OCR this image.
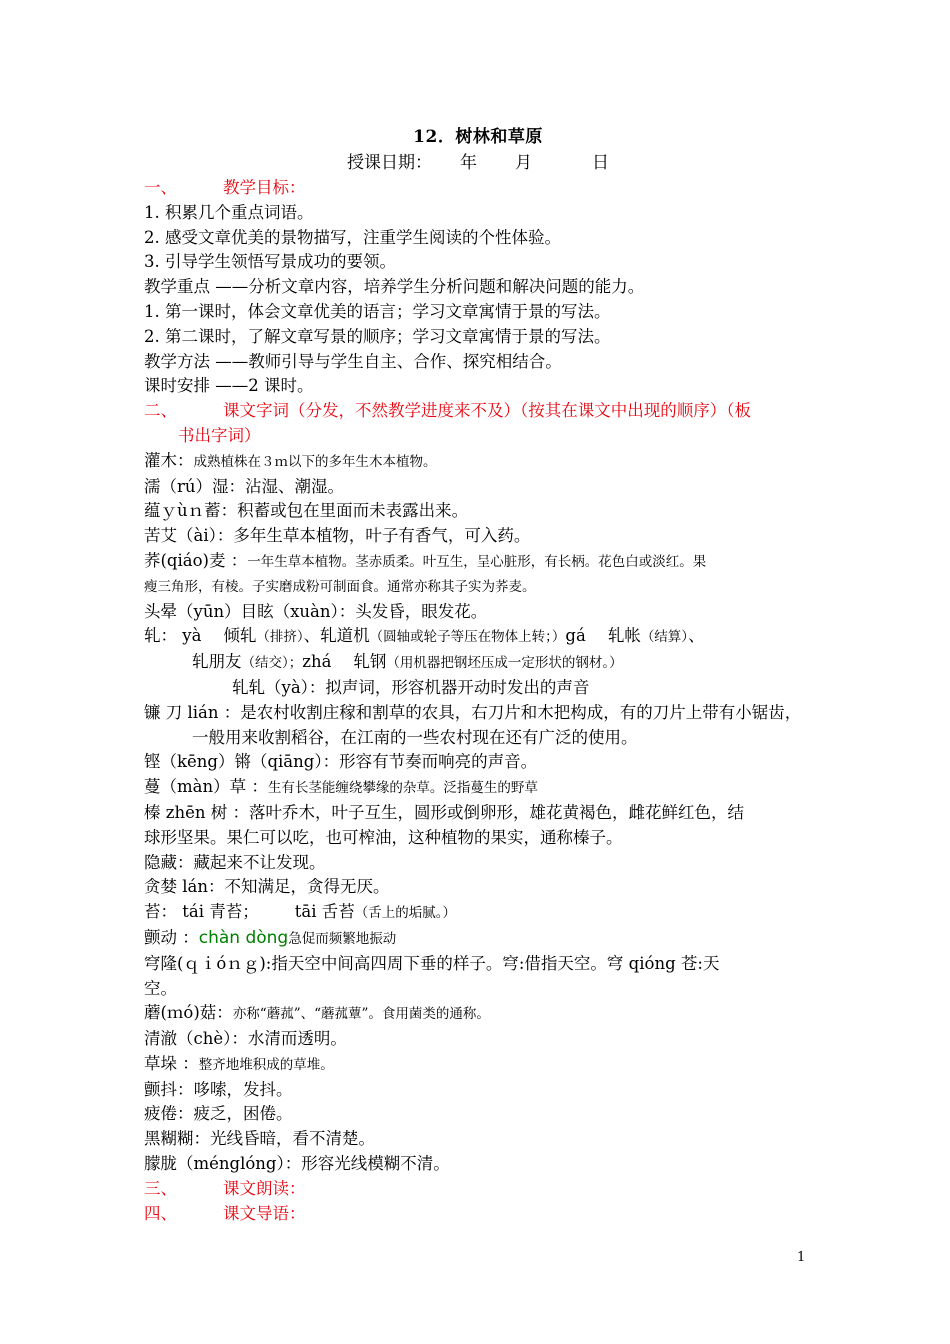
12．树林和草原
授课日期： 年 月	日
一、	教学目标：
1. 积累几个重点词语。
2. 感受文章优美的景物描写，注重学生阅读的个性体验。
3. 引导学生领悟写景成功的要领。
教学重点 ——分析文章内容，培养学生分析问题和解决问题的能力。
1. 第一课时，体会文章优美的语言；学习文章寓情于景的写法。
2. 第二课时，了解文章写景的顺序；学习文章寓情于景的写法。
教学方法 ——教师引导与学生自主、合作、探究相结合。
课时安排 ——2 课时。
二、	课文字词（分发，不然教学进度来不及）（按其在课文中出现的顺序）（板
书出字词）
灌木：成熟植株在３ｍ以下的多年生木本植物。
濡（rú）湿：沾湿、潮湿。
蕴ｙùｎ蓄：积蓄或包在里面而未表露出来。
苦艾（ài）：多年生草本植物，叶子有香气，可入药。
荞(qiáo)麦 ：一年生草本植物。茎赤质柔。叶互生，呈心脏形，有长柄。花色白或淡红。果
瘦三角形，有棱。子实磨成粉可制面食。通常亦称其子实为荞麦。
头晕（yūn）目眩（xuàn）：头发昏，眼发花。
轧： yà 倾轧（排挤）、轧道机（圆轴或轮子等压在物体上转；）gá 轧帐（结算）、
轧朋友（结交）；zhá 轧钢（用机器把钢坯压成一定形状的钢材。）
轧轧（yà）：拟声词，形容机器开动时发出的声音
镰 刀 lián ：是农村收割庄稼和割草的农具，右刀片和木把构成，有的刀片上带有小锯齿，一般用来收割稻谷，在江南的一些农村现在还有广泛的使用。
铿（kēng）锵（qiāng）：形容有节奏而响亮的声音。
蔓（màn）草 ：生有长茎能缠绕攀缘的杂草。泛指蔓生的野草
榛 zhēn 树 ：落叶乔木，叶子互生，圆形或倒卵形，雄花黄褐色，雌花鲜红色，结
球形坚果。果仁可以吃，也可榨油，这种植物的果实，通称榛子。
隐藏：藏起来不让发现。
贪婪 lán：不知满足，贪得无厌。
苔： tái 青苔； tāi 舌苔（舌上的垢腻。）
颤动 ：chàn dòng急促而频繁地振动
穹隆(ｑｉóｎｇ):指天空中间高四周下垂的样子。穹:借指天空。穹 qióng 苍:天
空。
蘑(ｍó)菇：亦称“蘑菰”、“蘑菰蕈”。食用菌类的通称。
清澈（chè）：水清而透明。
草垛 ：整齐地堆积成的草堆。
颤抖：哆嗦，发抖。
疲倦：疲乏，困倦。
黑糊糊：光线昏暗，看不清楚。
朦胧（ménglóng）：形容光线模糊不清。
三、	课文朗读：
四、	课文导语：
1
